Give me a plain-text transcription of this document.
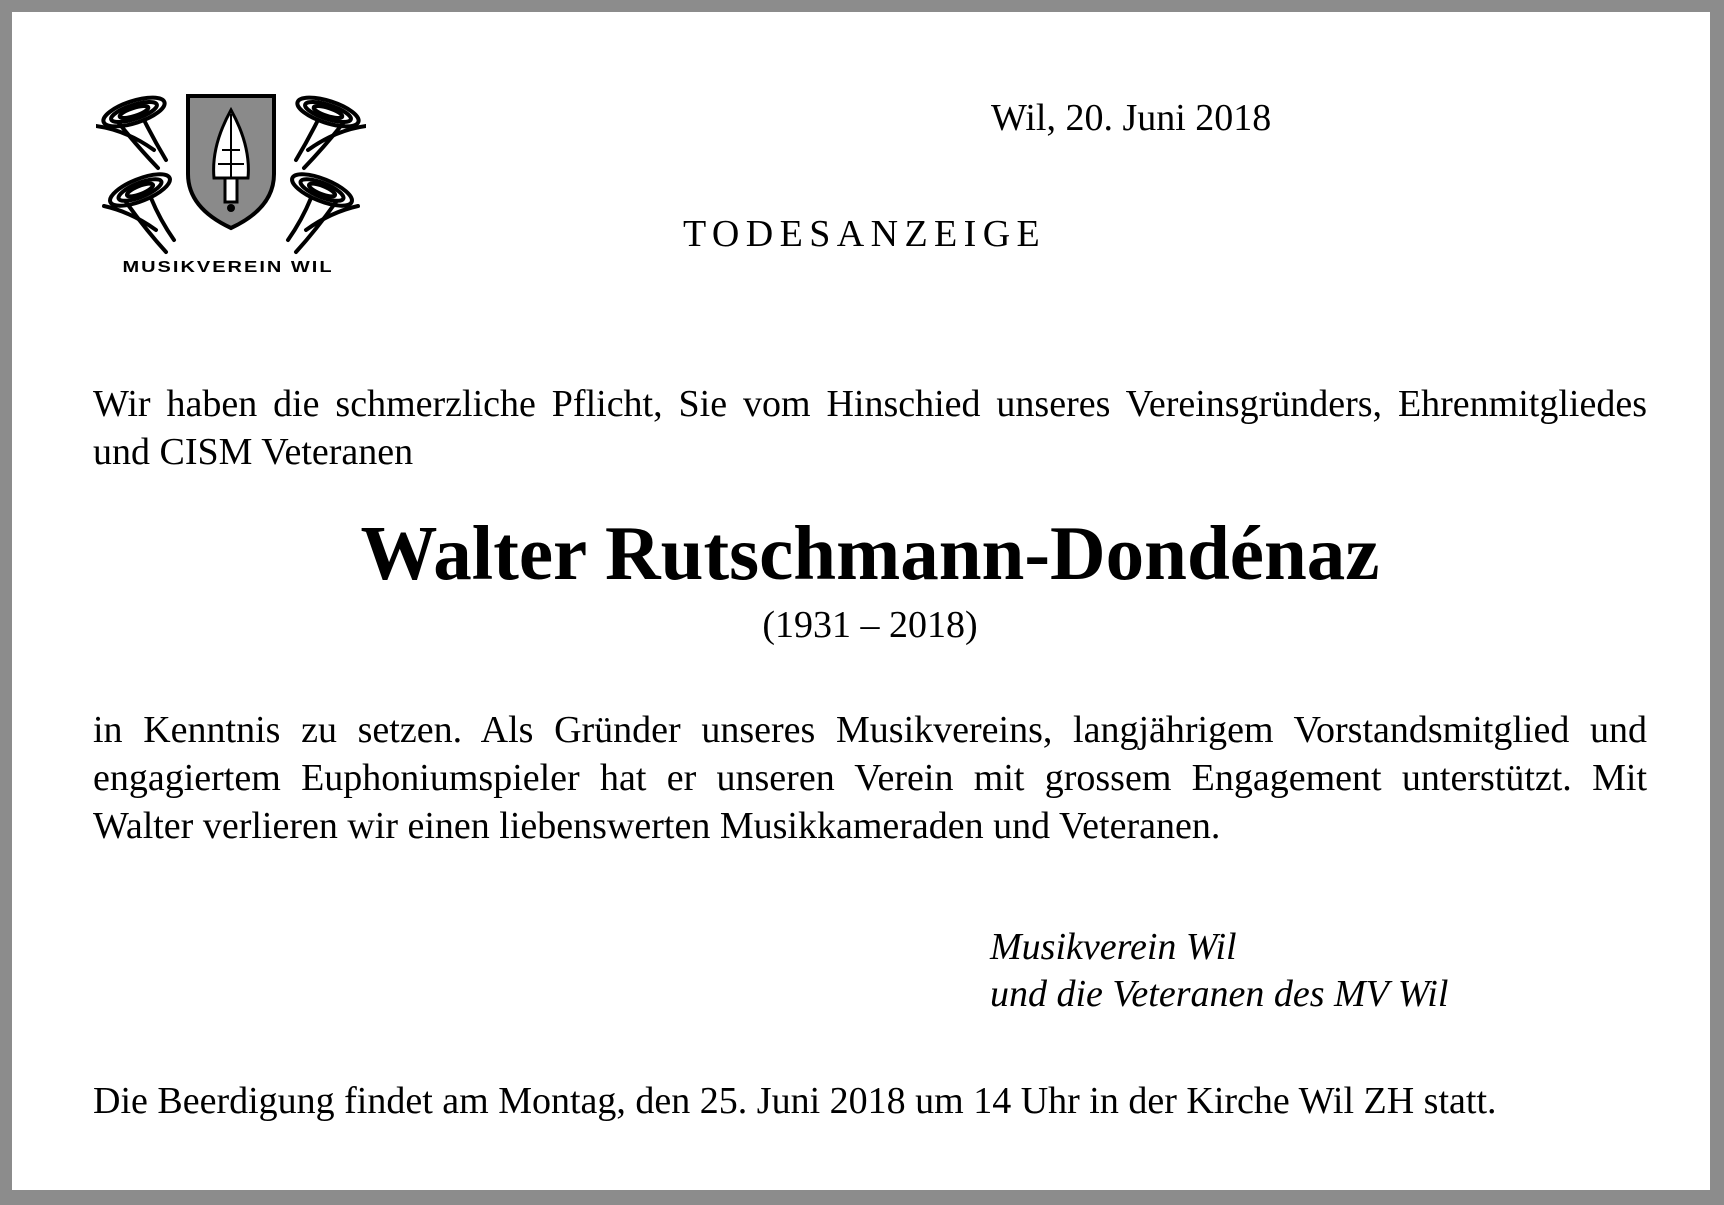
MUSIKVEREIN WIL
Wil, 20. Juni 2018
TODESANZEIGE
Wir haben die schmerzliche Pflicht, Sie vom Hinschied unseres Vereinsgründers, Ehrenmitgliedes und CISM Veteranen
Walter Rutschmann-Dondénaz
(1931 – 2018)
in Kenntnis zu setzen. Als Gründer unseres Musikvereins, langjährigem Vorstandsmitglied und engagiertem Euphoniumspieler hat er unseren Verein mit grossem Engagement unterstützt. Mit Walter verlieren wir einen liebenswerten Musikkameraden und Veteranen.
Musikverein Wil
und die Veteranen des MV Wil
Die Beerdigung findet am Montag, den 25. Juni 2018 um 14 Uhr in der Kirche Wil ZH statt.
